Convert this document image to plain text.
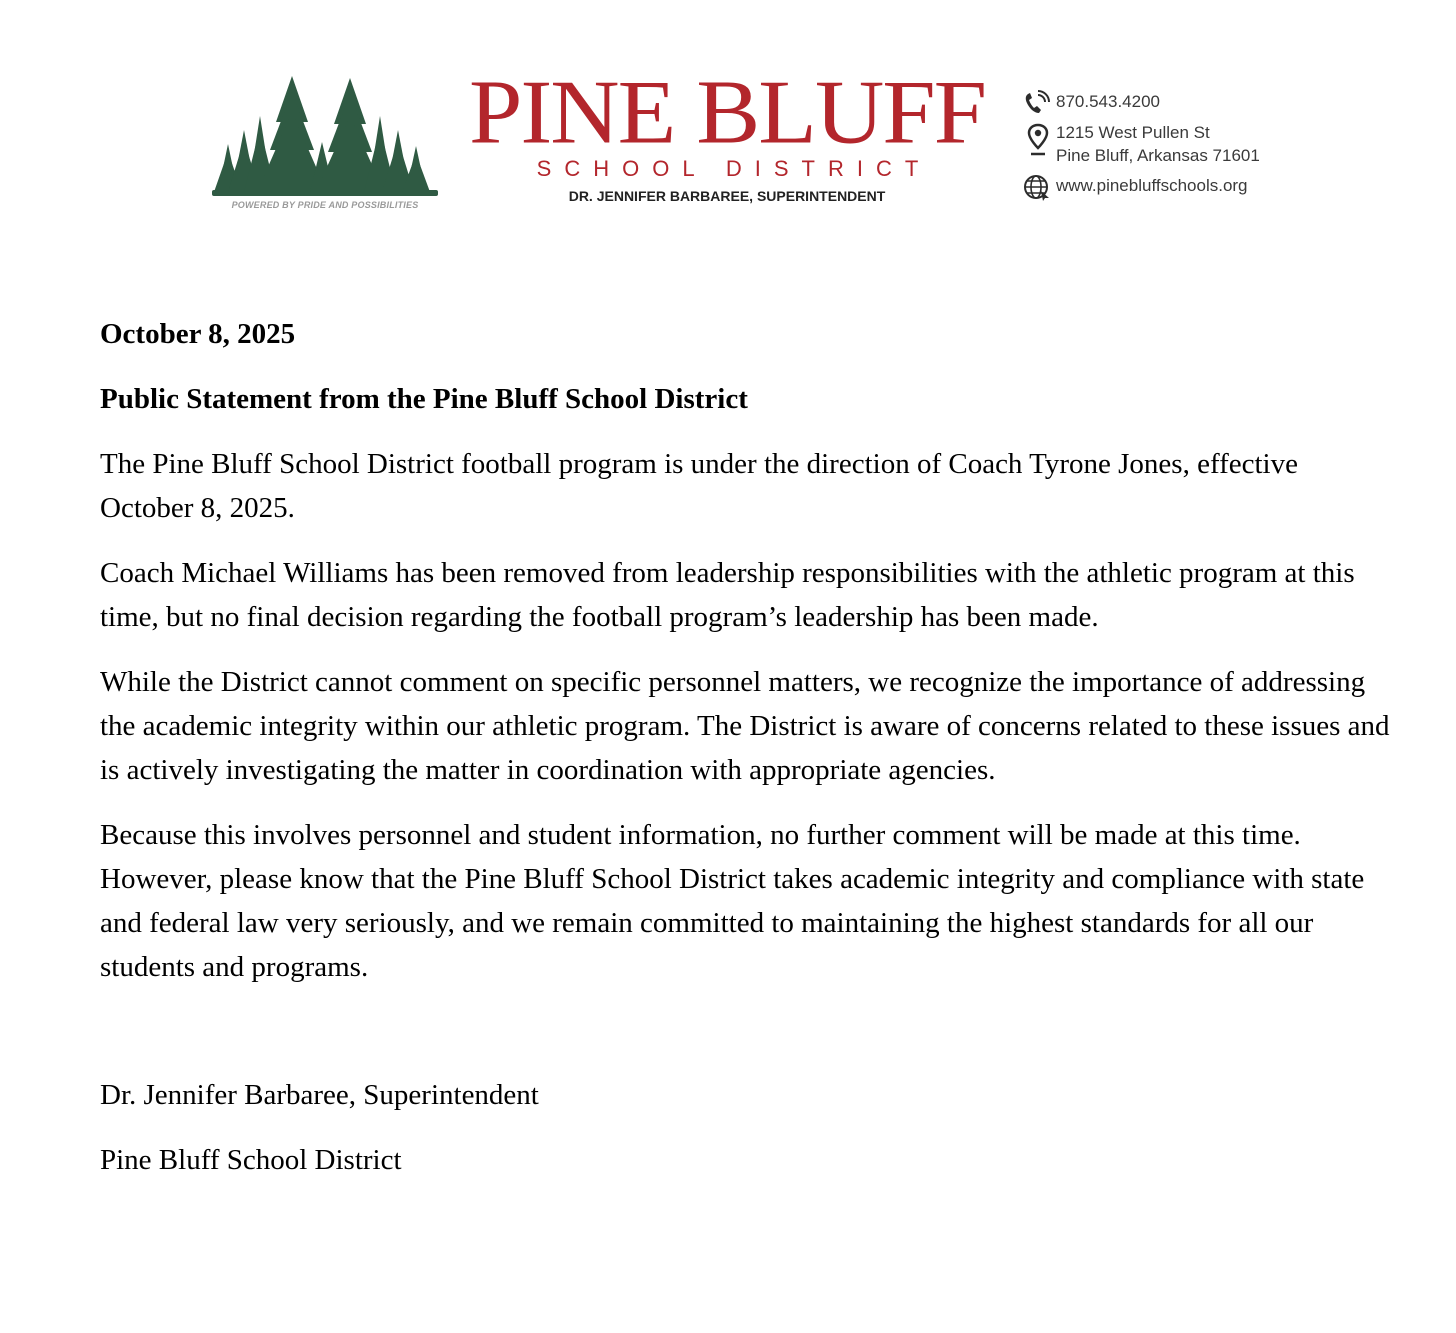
POWERED BY PRIDE AND POSSIBILITIES
PINE BLUFF
SCHOOL DISTRICT
DR. JENNIFER BARBAREE, SUPERINTENDENT
870.543.4200
1215 West Pullen St
Pine Bluff, Arkansas 71601
www.pinebluffschools.org

October 8, 2025

Public Statement from the Pine Bluff School District

The Pine Bluff School District football program is under the direction of Coach Tyrone Jones, effective October 8, 2025.

Coach Michael Williams has been removed from leadership responsibilities with the athletic program at this time, but no final decision regarding the football program’s leadership has been made.

While the District cannot comment on specific personnel matters, we recognize the importance of addressing the academic integrity within our athletic program. The District is aware of concerns related to these issues and is actively investigating the matter in coordination with appropriate agencies.

Because this involves personnel and student information, no further comment will be made at this time. However, please know that the Pine Bluff School District takes academic integrity and compliance with state and federal law very seriously, and we remain committed to maintaining the highest standards for all our students and programs.

Dr. Jennifer Barbaree, Superintendent

Pine Bluff School District
